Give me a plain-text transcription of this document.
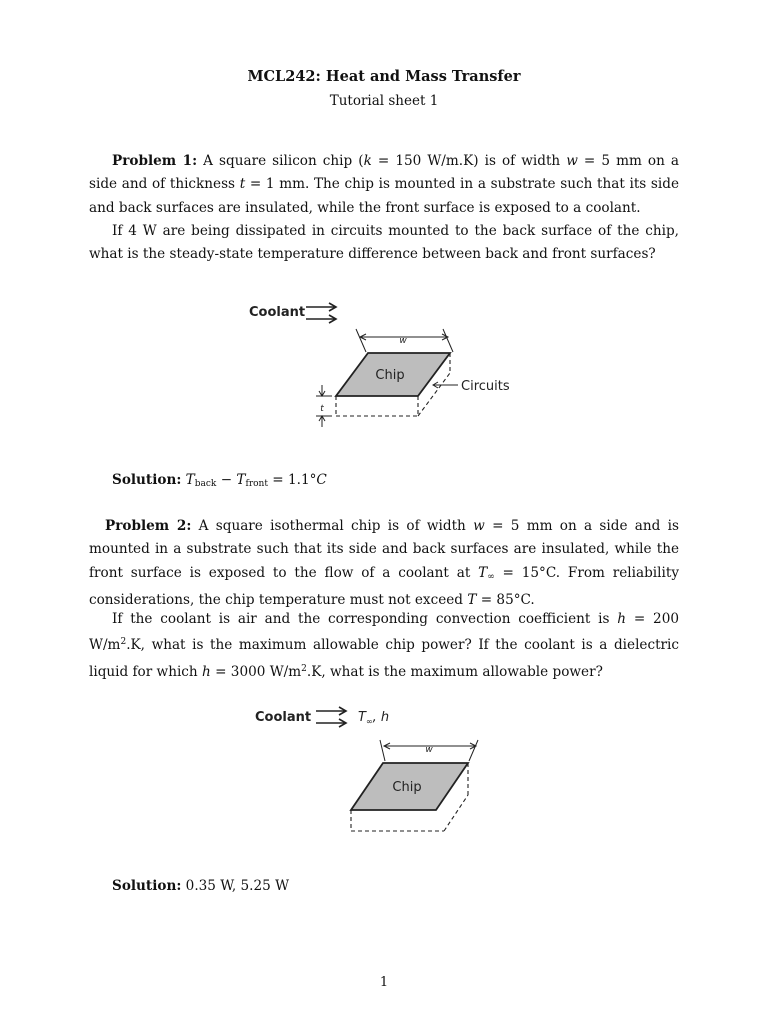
MCL242: Heat and Mass Transfer
Tutorial sheet 1
Problem 1: A square silicon chip (k = 150 W/m.K) is of width w = 5 mm on a side and of thickness t = 1 mm. The chip is mounted in a substrate such that its side and back surfaces are insulated, while the front surface is exposed to a coolant.
If 4 W are being dissipated in circuits mounted to the back surface of the chip, what is the steady-state temperature difference between back and front surfaces?
Coolant
w
Chip
Circuits
t
Solution: $T_{back} - T_{front} = 1.1^\circ C$
Problem 2: A square isothermal chip is of width w = 5 mm on a side and is mounted in a substrate such that its side and back surfaces are insulated, while the front surface is exposed to the flow of a coolant at $T_\infty = 15^\circ C$. From reliability considerations, the chip temperature must not exceed T = 85°C.
If the coolant is air and the corresponding convection coefficient is h = 200 $W/m^2.K$, what is the maximum allowable chip power? If the coolant is a dielectric liquid for which h = 3000 $W/m^2.K$, what is the maximum allowable power?
Coolant	$T_\infty$, h
w
Chip
Solution: 0.35 W, 5.25 W
1
